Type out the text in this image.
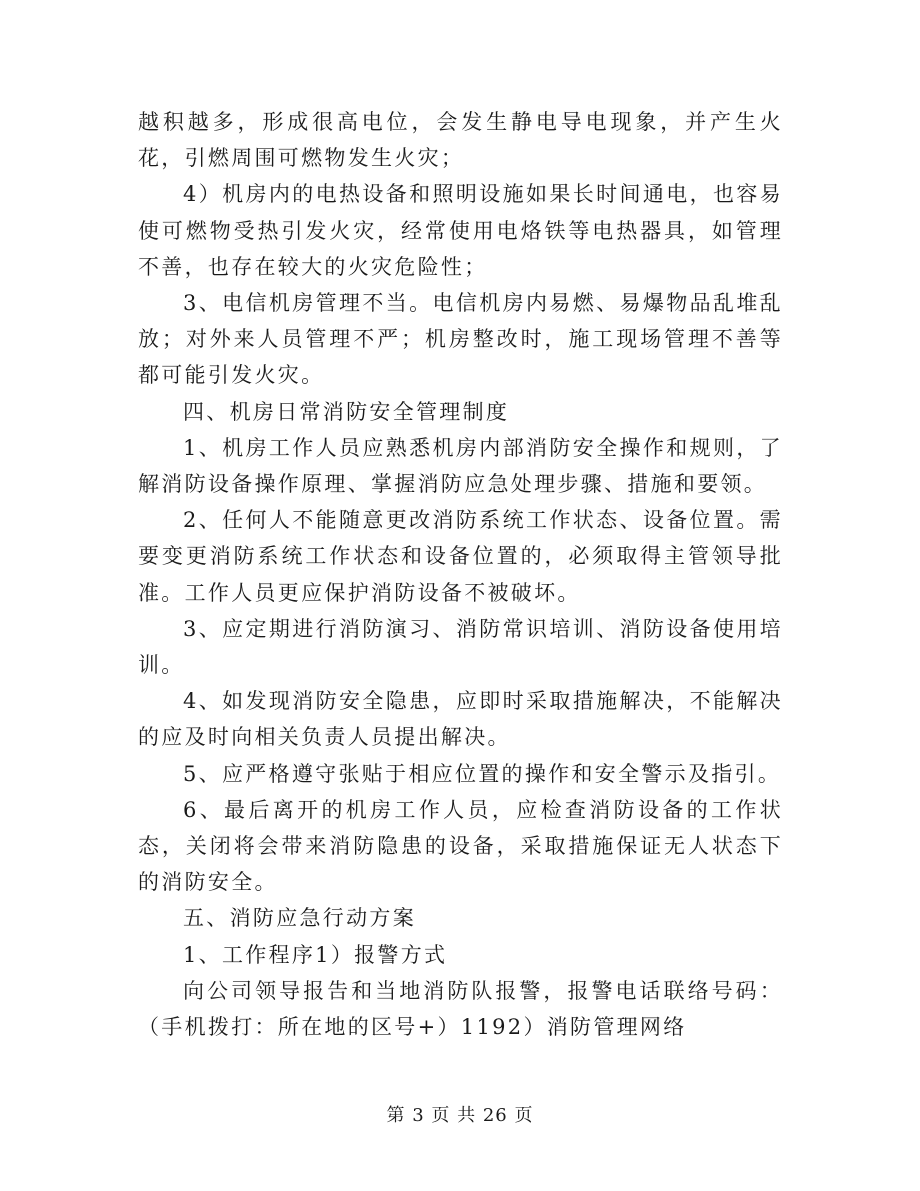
越积越多，形成很高电位，会发生静电导电现象，并产生火花，引燃周围可燃物发生火灾；

4）机房内的电热设备和照明设施如果长时间通电，也容易使可燃物受热引发火灾，经常使用电烙铁等电热器具，如管理不善，也存在较大的火灾危险性；

3、电信机房管理不当。电信机房内易燃、易爆物品乱堆乱放；对外来人员管理不严；机房整改时，施工现场管理不善等都可能引发火灾。

四、机房日常消防安全管理制度

1、机房工作人员应熟悉机房内部消防安全操作和规则，了解消防设备操作原理、掌握消防应急处理步骤、措施和要领。

2、任何人不能随意更改消防系统工作状态、设备位置。需要变更消防系统工作状态和设备位置的，必须取得主管领导批准。工作人员更应保护消防设备不被破坏。

3、应定期进行消防演习、消防常识培训、消防设备使用培训。

4、如发现消防安全隐患，应即时采取措施解决，不能解决的应及时向相关负责人员提出解决。

5、应严格遵守张贴于相应位置的操作和安全警示及指引。

6、最后离开的机房工作人员，应检查消防设备的工作状态，关闭将会带来消防隐患的设备，采取措施保证无人状态下的消防安全。

五、消防应急行动方案

1、工作程序1）报警方式

向公司领导报告和当地消防队报警，报警电话联络号码：（手机拨打：所在地的区号+）1192）消防管理网络

第 3 页 共 26 页
